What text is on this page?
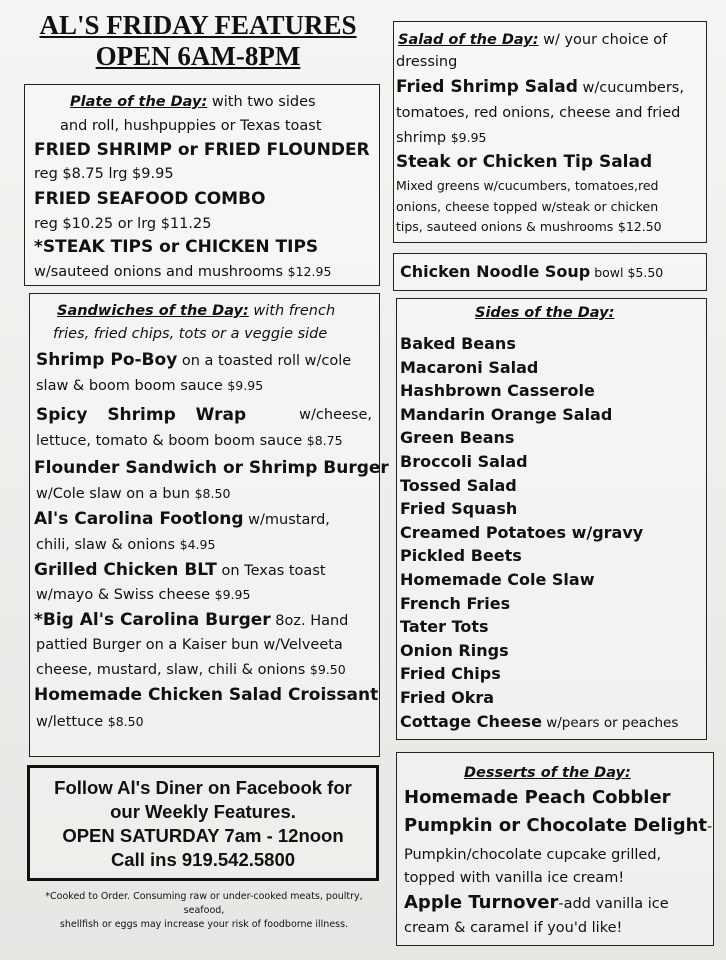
AL'S FRIDAY FEATURES
OPEN 6AM-8PM
Plate of the Day: with two sides
and roll, hushpuppies or Texas toast
FRIED SHRIMP or FRIED FLOUNDER
reg $8.75 lrg $9.95
FRIED SEAFOOD COMBO
reg $10.25 or lrg $11.25
*STEAK TIPS or CHICKEN TIPS
w/sauteed onions and mushrooms $12.95
Sandwiches of the Day: with french
fries, fried chips, tots or a veggie side
Shrimp Po-Boy on a toasted roll w/cole
slaw & boom boom sauce $9.95
Spicy Shrimp Wrap	w/cheese,
lettuce, tomato & boom boom sauce $8.75
Flounder Sandwich or Shrimp Burger
w/Cole slaw on a bun $8.50
Al's Carolina Footlong w/mustard,
chili, slaw & onions $4.95
Grilled Chicken BLT on Texas toast
w/mayo & Swiss cheese $9.95
*Big Al's Carolina Burger 8oz. Hand
pattied Burger on a Kaiser bun w/Velveeta
cheese, mustard, slaw, chili & onions $9.50
Homemade Chicken Salad Croissant
w/lettuce $8.50
Follow Al's Diner on Facebook for
our Weekly Features.
OPEN SATURDAY 7am - 12noon
Call ins 919.542.5800
*Cooked to Order. Consuming raw or under-cooked meats, poultry, seafood,
shellfish or eggs may increase your risk of foodborne illness.
Salad of the Day: w/ your choice of
dressing
Fried Shrimp Salad w/cucumbers,
tomatoes, red onions, cheese and fried
shrimp $9.95
Steak or Chicken Tip Salad
Mixed greens w/cucumbers, tomatoes,red
onions, cheese topped w/steak or chicken
tips, sauteed onions & mushrooms $12.50
Chicken Noodle Soup bowl $5.50
Sides of the Day:
Baked Beans
Macaroni Salad
Hashbrown Casserole
Mandarin Orange Salad
Green Beans
Broccoli Salad
Tossed Salad
Fried Squash
Creamed Potatoes w/gravy
Pickled Beets
Homemade Cole Slaw
French Fries
Tater Tots
Onion Rings
Fried Chips
Fried Okra
Cottage Cheese w/pears or peaches
Desserts of the Day:
Homemade Peach Cobbler
Pumpkin or Chocolate Delight-
Pumpkin/chocolate cupcake grilled,
topped with vanilla ice cream!
Apple Turnover-add vanilla ice
cream & caramel if you'd like!
